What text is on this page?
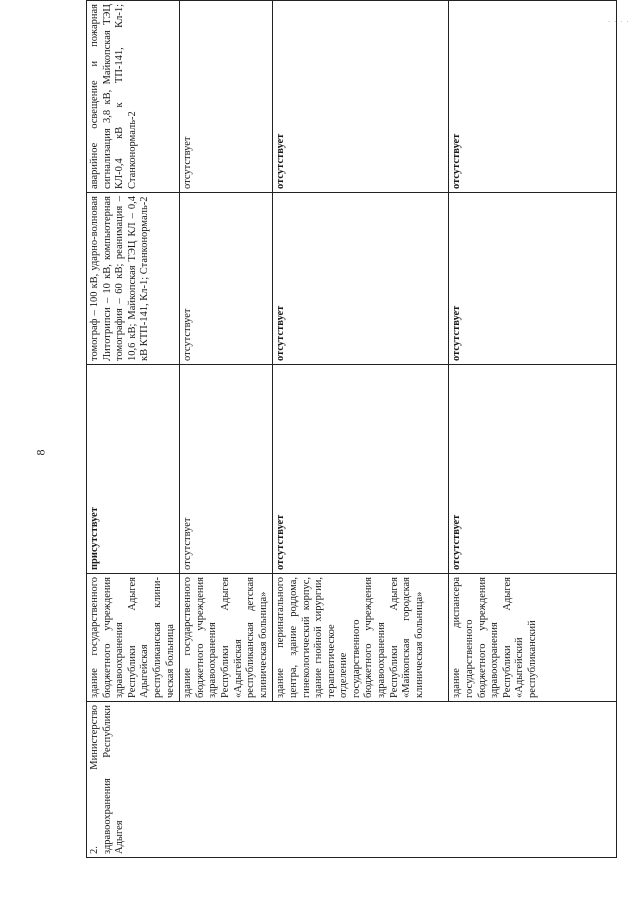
· · · ·
8
2. Министерство здравоохранения Республики Адыгея	здание государственного бюджетного учреждения здравоохранения Республики Адыгея Адыгейская республиканская клини-ческая больница	присутствует	томограф – 100 кВ, ударно-волновая Литотрипси – 10 кВ, компьютерная томография – 60 кВ; реанимация – 10,6 кВ; Майкопская ТЭЦ КЛ – 0,4 кВ КТП-141, Кл-1; Станконормаль-2	аварийное освещение и пожарная сигнализация 3,8 кВ, Майкопская ТЭЦ КЛ-0,4 кВ к ТП-141, Кл-1; Станконормаль-2
	здание государственного бюджетного учреждения здравоохранения Республики Адыгея «Адыгейская республиканская детская клиническая больница»	отсутствует	отсутствует	отсутствует
	здание перинатального центра, здание роддома, гинекологический корпус, здание гнойной хирургии, терапевтическое отделение государственного бюджетного учреждения здравоохранения Республики Адыгея «Майкопская городская клиническая больница»	отсутствует	отсутствует	отсутствует
	здание диспансера государственного бюджетного учреждения здравоохранения Республики Адыгея «Адыгейский республиканский	отсутствует	отсутствует	отсутствует
